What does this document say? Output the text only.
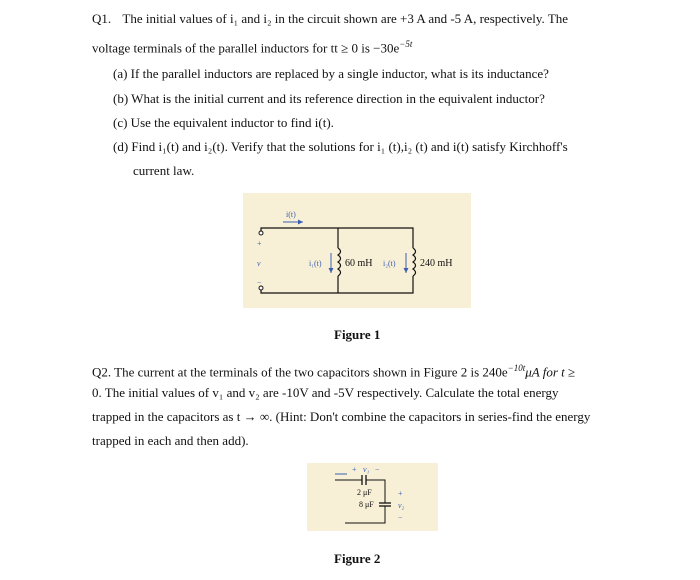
Q1. The initial values of i₁ and i₂ in the circuit shown are +3 A and -5 A, respectively. The
voltage terminals of the parallel inductors for tt ≥ 0 is $-30e^{-5t}$
(a) If the parallel inductors are replaced by a single inductor, what is its inductance?
(b) What is the initial current and its reference direction in the equivalent inductor?
(c) Use the equivalent inductor to find i(t).
(d) Find i₁(t) and i₂(t). Verify that the solutions for i₁ (t),i₂ (t) and i(t) satisfy Kirchhoff's
current law.
i(t)
+
v
−
i₁(t) 60 mH i₂(t) 240 mH
Figure 1
Q2. The current at the terminals of the two capacitors shown in Figure 2 is $240e^{-10t}\mu A$ for t ≥
0. The initial values of v₁ and v₂ are -10V and -5V respectively. Calculate the total energy
trapped in the capacitors as t → ∞. (Hint: Don't combine the capacitors in series-find the energy
trapped in each and then add).
+ v₁ −
2 μF
8 μF
+
v₂
−
Figure 2
